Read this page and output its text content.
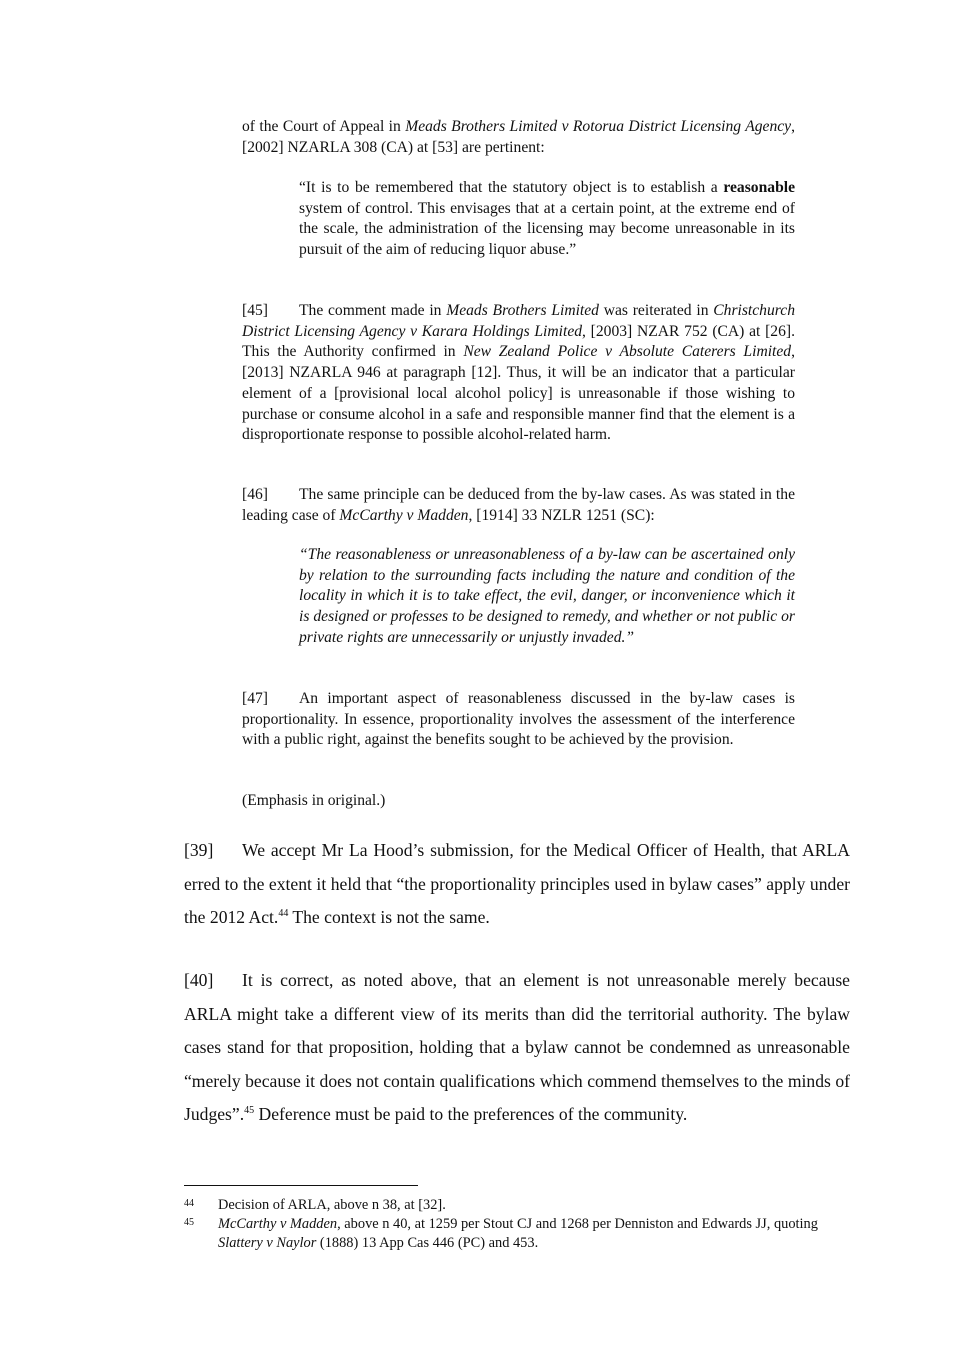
of the Court of Appeal in Meads Brothers Limited v Rotorua District Licensing Agency, [2002] NZARLA 308 (CA) at [53] are pertinent:
“It is to be remembered that the statutory object is to establish a reasonable system of control. This envisages that at a certain point, at the extreme end of the scale, the administration of the licensing may become unreasonable in its pursuit of the aim of reducing liquor abuse.”
[45] The comment made in Meads Brothers Limited was reiterated in Christchurch District Licensing Agency v Karara Holdings Limited, [2003] NZAR 752 (CA) at [26]. This the Authority confirmed in New Zealand Police v Absolute Caterers Limited, [2013] NZARLA 946 at paragraph [12]. Thus, it will be an indicator that a particular element of a [provisional local alcohol policy] is unreasonable if those wishing to purchase or consume alcohol in a safe and responsible manner find that the element is a disproportionate response to possible alcohol-related harm.
[46] The same principle can be deduced from the by-law cases. As was stated in the leading case of McCarthy v Madden, [1914] 33 NZLR 1251 (SC):
“The reasonableness or unreasonableness of a by-law can be ascertained only by relation to the surrounding facts including the nature and condition of the locality in which it is to take effect, the evil, danger, or inconvenience which it is designed or professes to be designed to remedy, and whether or not public or private rights are unnecessarily or unjustly invaded.”
[47] An important aspect of reasonableness discussed in the by-law cases is proportionality. In essence, proportionality involves the assessment of the interference with a public right, against the benefits sought to be achieved by the provision.
(Emphasis in original.)
[39] We accept Mr La Hood’s submission, for the Medical Officer of Health, that ARLA erred to the extent it held that “the proportionality principles used in bylaw cases” apply under the 2012 Act.$^{44}$ The context is not the same.
[40] It is correct, as noted above, that an element is not unreasonable merely because ARLA might take a different view of its merits than did the territorial authority. The bylaw cases stand for that proposition, holding that a bylaw cannot be condemned as unreasonable “merely because it does not contain qualifications which commend themselves to the minds of Judges”.$^{45}$ Deference must be paid to the preferences of the community.
44	Decision of ARLA, above n 38, at [32].
45	McCarthy v Madden, above n 40, at 1259 per Stout CJ and 1268 per Denniston and Edwards JJ, quoting Slattery v Naylor (1888) 13 App Cas 446 (PC) and 453.
